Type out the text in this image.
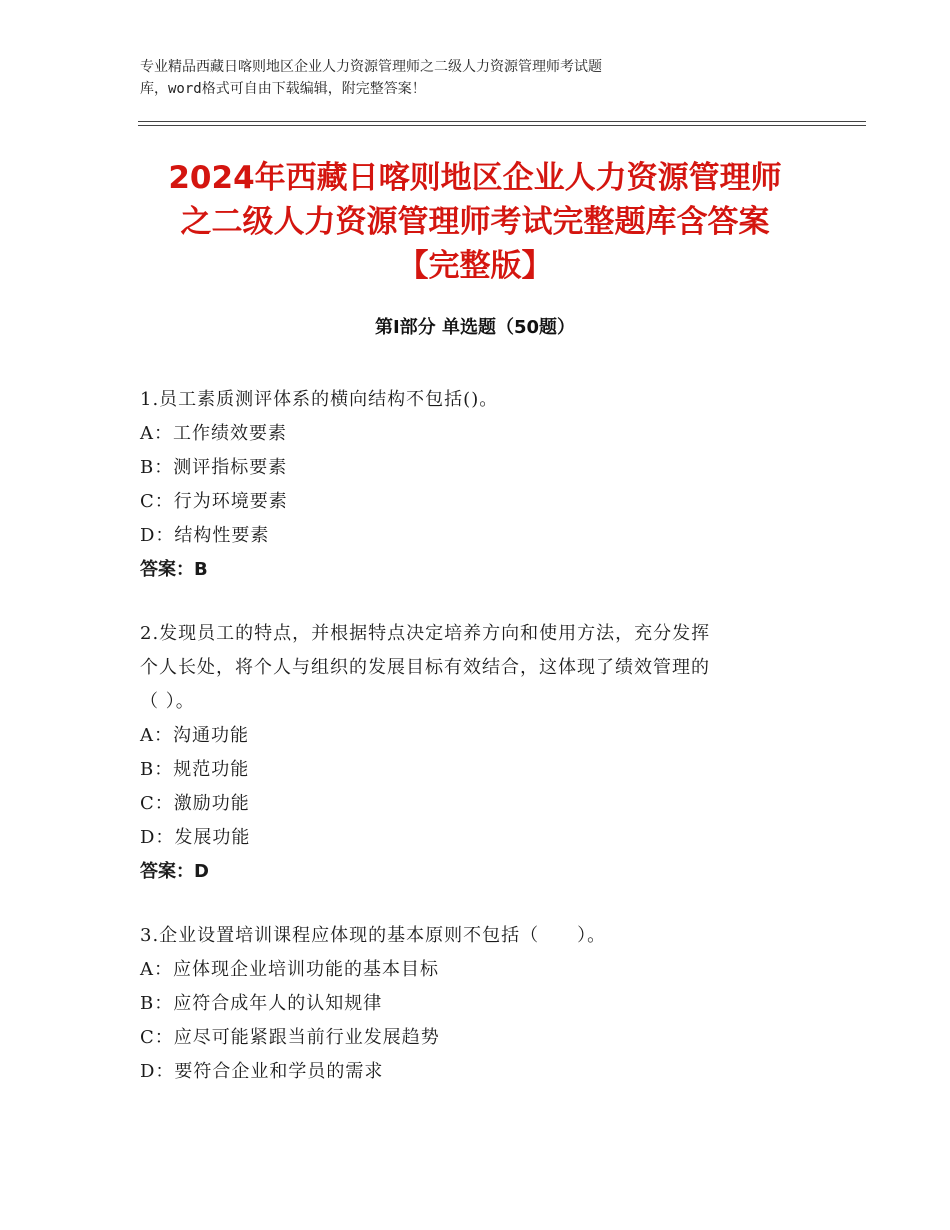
专业精品西藏日喀则地区企业人力资源管理师之二级人力资源管理师考试题
库，word格式可自由下载编辑，附完整答案！
2024年西藏日喀则地区企业人力资源管理师
之二级人力资源管理师考试完整题库含答案
【完整版】
第Ⅰ部分 单选题（50题）
1.员工素质测评体系的横向结构不包括()。
A：工作绩效要素
B：测评指标要素
C：行为环境要素
D：结构性要素
答案：B
2.发现员工的特点，并根据特点决定培养方向和使用方法，充分发挥
个人长处，将个人与组织的发展目标有效结合，这体现了绩效管理的
（ ）。
A：沟通功能
B：规范功能
C：激励功能
D：发展功能
答案：D
3.企业设置培训课程应体现的基本原则不包括（　　）。
A：应体现企业培训功能的基本目标
B：应符合成年人的认知规律
C：应尽可能紧跟当前行业发展趋势
D：要符合企业和学员的需求
